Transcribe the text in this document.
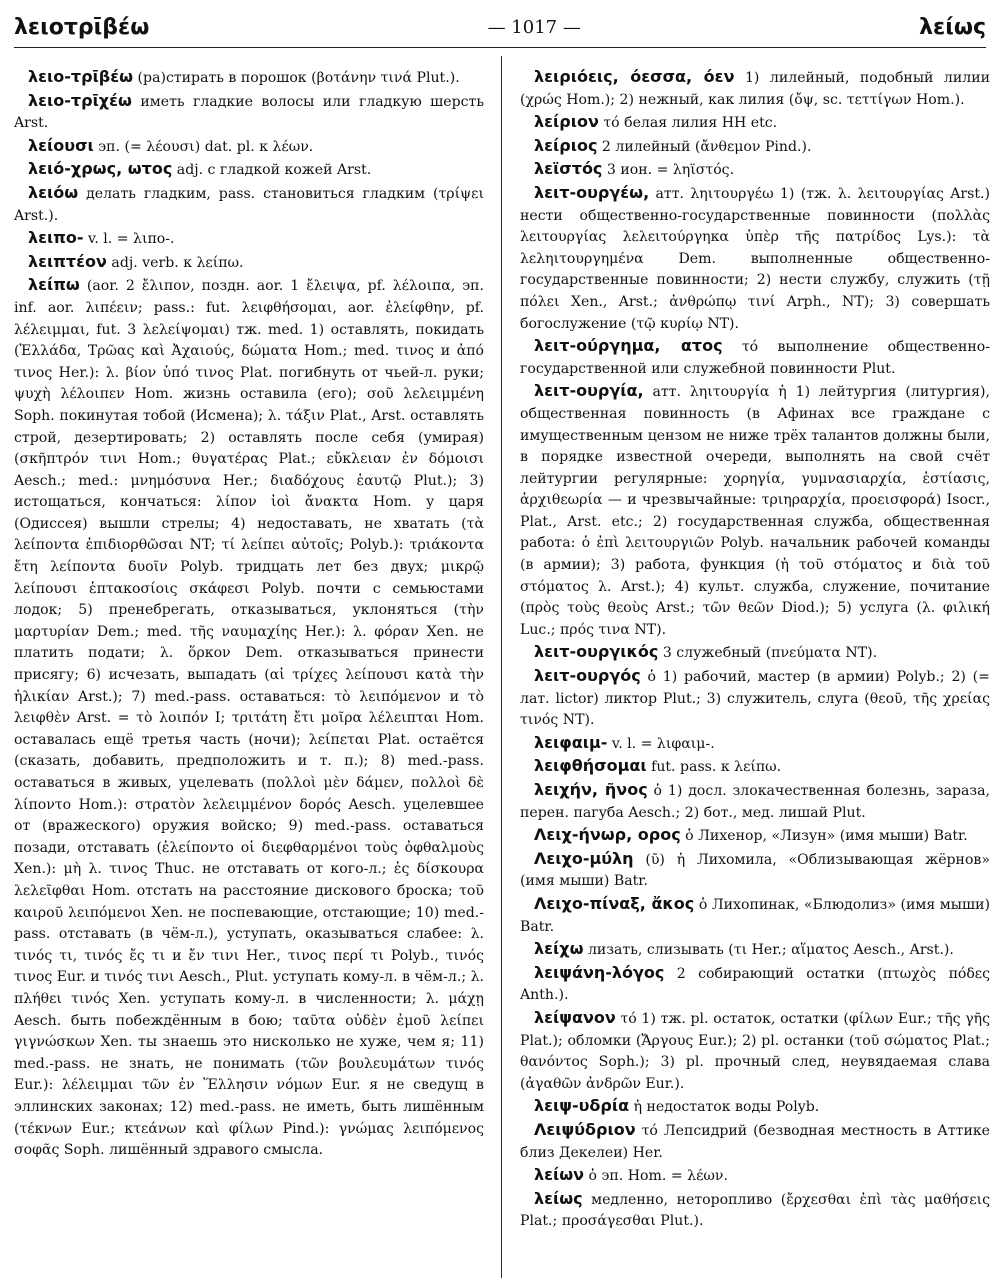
λειοτρῑβέω	— 1017 —	λείως

λειο-τρῑβέω (ра)стирать в порошок (βοτάνην τινά Plut.).

λειο-τρῑχέω иметь гладкие волосы или гладкую шерсть Arst.

λείουσι эп. (= λέουσι) dat. pl. к λέων.

λειό-χρως, ωτος adj. с гладкой кожей Arst.

λειόω делать гладким, pass. становиться гладким (τρίψει Arst.).

λειπο- v. l. = λιπο-.

λειπτέον adj. verb. к λείπω.

λείπω (aor. 2 ἔλιπον, поздн. aor. 1 ἔλειψα, pf. λέλοιπα, эп. inf. aor. λιπέειν; pass.: fut. λειφθήσομαι, aor. ἐλείφθην, pf. λέλειμμαι, fut. 3 λελείψομαι) тж. med. 1) оставлять, покидать (Ἑλλάδα, Τρῶας καὶ Ἀχαιούς, δώματα Hom.; med. τινος и ἀπό τινος Her.): λ. βίον ὑπό τινος Plat. погибнуть от чьей-л. руки; ψυχὴ λέλοιπεν Hom. жизнь оставила (его); σοῦ λελειμμένη Soph. покинутая тобой (Исмена); λ. τάξιν Plat., Arst. оставлять строй, дезертировать; 2) оставлять после себя (умирая) (σκῆπτρόν τινι Hom.; θυγατέρας Plat.; εὔκλειαν ἐν δόμοισι Aesch.; med.: μνημόσυνα Her.; διαδόχους ἑαυτῷ Plut.); 3) истощаться, кончаться: λίπον ἰοὶ ἄνακτα Hom. у царя (Одиссея) вышли стрелы; 4) недоставать, не хватать (τὰ λείποντα ἐπιδιορθῶσαι NT; τί λείπει αὐτοῖς; Polyb.): τριάκοντα ἔτη λείποντα δυοῖν Polyb. тридцать лет без двух; μικρῷ λείπουσι ἑπτακοσίοις σκάφεσι Polyb. почти с семьюстами лодок; 5) пренебрегать, отказываться, уклоняться (τὴν μαρτυρίαν Dem.; med. τῆς ναυμαχίης Her.): λ. φόραν Xen. не платить подати; λ. ὅρκον Dem. отказываться принести присягу; 6) исчезать, выпадать (αἱ τρίχες λείπουσι κατὰ τὴν ἡλικίαν Arst.); 7) med.-pass. оставаться: τὸ λειπόμενον и τὸ λειφθὲν Arst. = τὸ λοιπόν I; τριτάτη ἔτι μοῖρα λέλειπται Hom. оставалась ещё третья часть (ночи); λείπεται Plat. остаётся (сказать, добавить, предположить и т. п.); 8) med.-pass. оставаться в живых, уцелевать (πολλοὶ μὲν δάμεν, πολλοὶ δὲ λίποντο Hom.): στρατὸν λελειμμένον δορός Aesch. уцелевшее от (вражеского) оружия войско; 9) med.-pass. оставаться позади, отставать (ἐλείποντο οἱ διεφθαρμένοι τοὺς ὀφθαλμοὺς Xen.): μὴ λ. τινος Thuc. не отставать от кого-л.; ἐς δίσκουρα λελεῖφθαι Hom. отстать на расстояние дискового броска; τοῦ καιροῦ λειπόμενοι Xen. не поспевающие, отстающие; 10) med.-pass. отставать (в чём-л.), уступать, оказываться слабее: λ. τινός τι, τινός ἔς τι и ἔν τινι Her., τινος περί τι Polyb., τινός τινος Eur. и τινός τινι Aesch., Plut. уступать кому-л. в чём-л.; λ. πλήθει τινός Xen. уступать кому-л. в численности; λ. μάχῃ Aesch. быть побеждённым в бою; ταῦτα οὐδὲν ἐμοῦ λείπει γιγνώσκων Xen. ты знаешь это нисколько не хуже, чем я; 11) med.-pass. не знать, не понимать (τῶν βουλευμάτων τινός Eur.): λέλειμμαι τῶν ἐν Ἕλλησιν νόμων Eur. я не сведущ в эллинских законах; 12) med.-pass. не иметь, быть лишённым (τέκνων Eur.; κτεάνων καὶ φίλων Pind.): γνώμας λειπόμενος σοφᾶς Soph. лишённый здравого смысла.

λειριόεις, όεσσα, όεν 1) лилейный, подобный лилии (χρώς Hom.); 2) нежный, как лилия (ὄψ, sc. τεττίγων Hom.).

λείριον τό белая лилия HH etc.

λείριος 2 лилейный (ἄνθεμον Pind.).

λεϊστός 3 ион. = ληϊστός.

λειτ-ουργέω, атт. ληιτουργέω 1) (тж. λ. λειτουργίας Arst.) нести общественно-государственные повинности (πολλὰς λειτουργίας λελειτούργηκα ὑπὲρ τῆς πατρίδος Lys.): τὰ λεληιτουργημένα Dem. выполненные общественно-государственные повинности; 2) нести службу, служить (τῇ πόλει Xen., Arst.; ἀνθρώπῳ τινί Arph., NT); 3) совершать богослужение (τῷ κυρίῳ NT).

λειτ-ούργημα, ατος τό выполнение общественно-государственной или служебной повинности Plut.

λειτ-ουργία, атт. ληιτουργία ἡ 1) лейтургия (литургия), общественная повинность (в Афинах все граждане с имущественным цензом не ниже трёх талантов должны были, в порядке известной очереди, выполнять на свой счёт лейтургии регулярные: χορηγία, γυμνασιαρχία, ἑστίασις, ἀρχιθεωρία — и чрезвычайные: τριηραρχία, προεισφορά) Isocr., Plat., Arst. etc.; 2) государственная служба, общественная работа: ὁ ἐπὶ λειτουργιῶν Polyb. начальник рабочей команды (в армии); 3) работа, функция (ἡ τοῦ στόματος и διὰ τοῦ στόματος λ. Arst.); 4) культ. служба, служение, почитание (πρὸς τοὺς θεοὺς Arst.; τῶν θεῶν Diod.); 5) услуга (λ. φιλική Luc.; πρός τινα NT).

λειτ-ουργικός 3 служебный (πνεύματα NT).

λειτ-ουργός ὁ 1) рабочий, мастер (в армии) Polyb.; 2) (= лат. lictor) ликтор Plut.; 3) служитель, слуга (θεοῦ, τῆς χρείας τινός NT).

λειφαιμ- v. l. = λιφαιμ-.

λειφθήσομαι fut. pass. к λείπω.

λειχήν, ῆνος ὁ 1) досл. злокачественная болезнь, зараза, перен. пагуба Aesch.; 2) бот., мед. лишай Plut.

Λειχ-ήνωρ, ορος ὁ Лихенор, «Лизун» (имя мыши) Batr.

Λειχο-μύλη (ῡ) ἡ Лихомила, «Облизывающая жёрнов» (имя мыши) Batr.

Λειχο-πίναξ, ἄκος ὁ Лихопинак, «Блюдолиз» (имя мыши) Batr.

λείχω лизать, слизывать (τι Her.; αἵματος Aesch., Arst.).

λειψάνη-λόγος 2 собирающий остатки (πτωχὸς πόδες Anth.).

λείψανον τό 1) тж. pl. остаток, остатки (φίλων Eur.; τῆς γῆς Plat.); обломки (Ἄργους Eur.); 2) pl. останки (τοῦ σώματος Plat.; θανόντος Soph.); 3) pl. прочный след, неувядаемая слава (ἀγαθῶν ἀνδρῶν Eur.).

λειψ-υδρία ἡ недостаток воды Polyb.

Λειψύδριον τό Лепсидрий (безводная местность в Аттике близ Декелеи) Her.

λείων ὁ эп. Hom. = λέων.

λείως медленно, неторопливо (ἔρχεσθαι ἐπὶ τὰς μαθήσεις Plat.; προσάγεσθαι Plut.).
